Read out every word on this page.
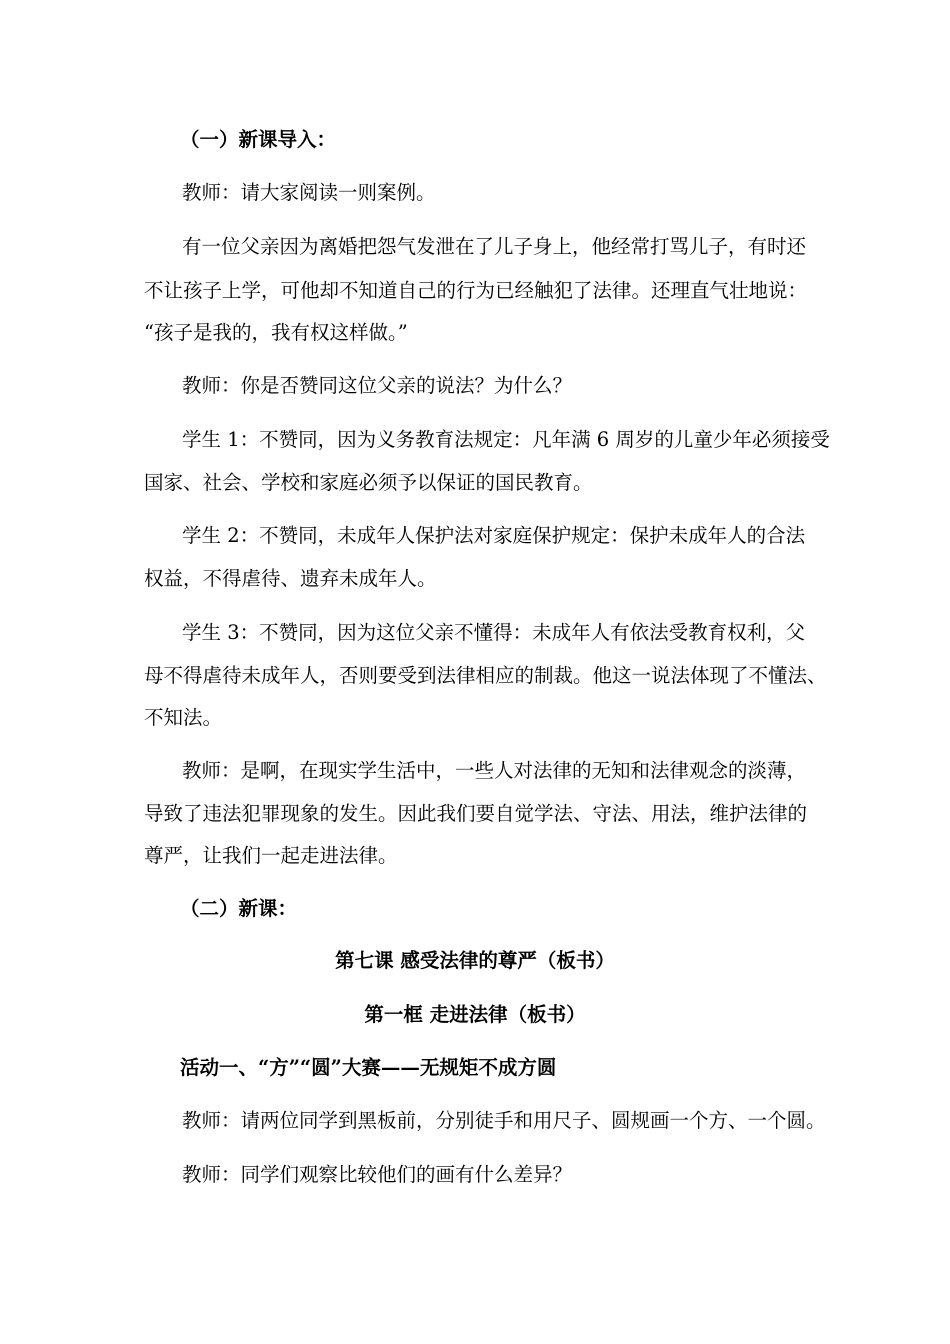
（一）新课导入：
教师：请大家阅读一则案例。
有一位父亲因为离婚把怨气发泄在了儿子身上，他经常打骂儿子，有时还
不让孩子上学，可他却不知道自己的行为已经触犯了法律。还理直气壮地说：
“孩子是我的，我有权这样做。”
教师：你是否赞同这位父亲的说法？为什么？
学生 1：不赞同，因为义务教育法规定：凡年满 6 周岁的儿童少年必须接受
国家、社会、学校和家庭必须予以保证的国民教育。
学生 2：不赞同，未成年人保护法对家庭保护规定：保护未成年人的合法
权益，不得虐待、遗弃未成年人。
学生 3：不赞同，因为这位父亲不懂得：未成年人有依法受教育权利，父
母不得虐待未成年人，否则要受到法律相应的制裁。他这一说法体现了不懂法、
不知法。
教师：是啊，在现实学生活中，一些人对法律的无知和法律观念的淡薄，
导致了违法犯罪现象的发生。因此我们要自觉学法、守法、用法，维护法律的
尊严，让我们一起走进法律。
（二）新课：
第七课 感受法律的尊严（板书）
第一框 走进法律（板书）
活动一、“方”“圆”大赛——无规矩不成方圆
教师：请两位同学到黑板前，分别徒手和用尺子、圆规画一个方、一个圆。
教师：同学们观察比较他们的画有什么差异？
